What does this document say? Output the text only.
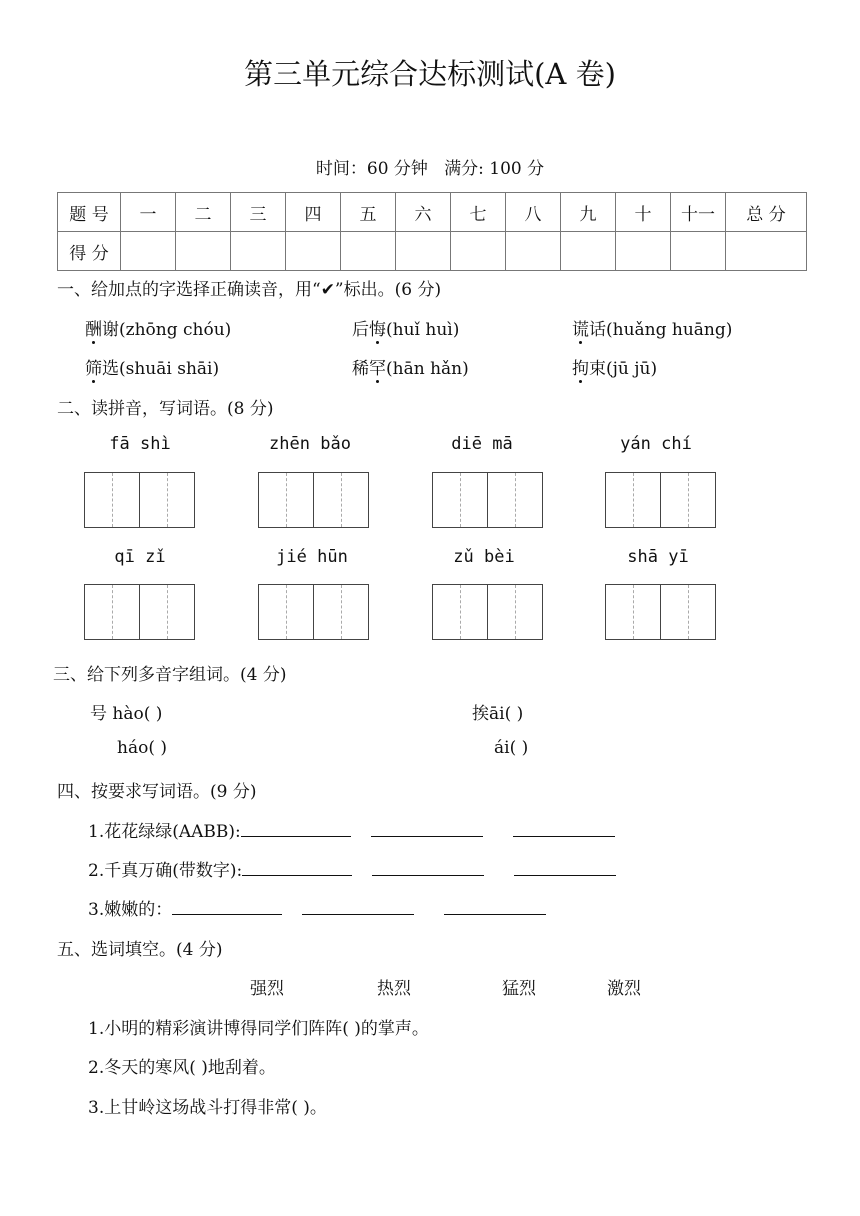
第三单元综合达标测试(A 卷)
时间：60 分钟 满分: 100 分
题 号	一	二	三	四	五	六	七	八	九	十	十一	总 分
得 分												
一、给加点的字选择正确读音，用“✔”标出。(6 分)
酬谢(zhōng chóu)	后悔(huǐ huì)	谎话(huǎng huāng)
筛选(shuāi shāi)	稀罕(hān hǎn)	拘束(jū jū)
二、读拼音，写词语。(8 分)
fā shì	zhēn bǎo	diē mā	yán chí
qī zǐ	jié hūn	zǔ bèi	shā yī
三、给下列多音字组词。(4 分)
号 hào( )	挨āi( )
háo( )	ái( )
四、按要求写词语。(9 分)
1.花花绿绿(AABB):
2.千真万确(带数字):
3.嫩嫩的：
五、选词填空。(4 分)
强烈	热烈	猛烈	激烈
1.小明的精彩演讲博得同学们阵阵( )的掌声。
2.冬天的寒风( )地刮着。
3.上甘岭这场战斗打得非常( )。
